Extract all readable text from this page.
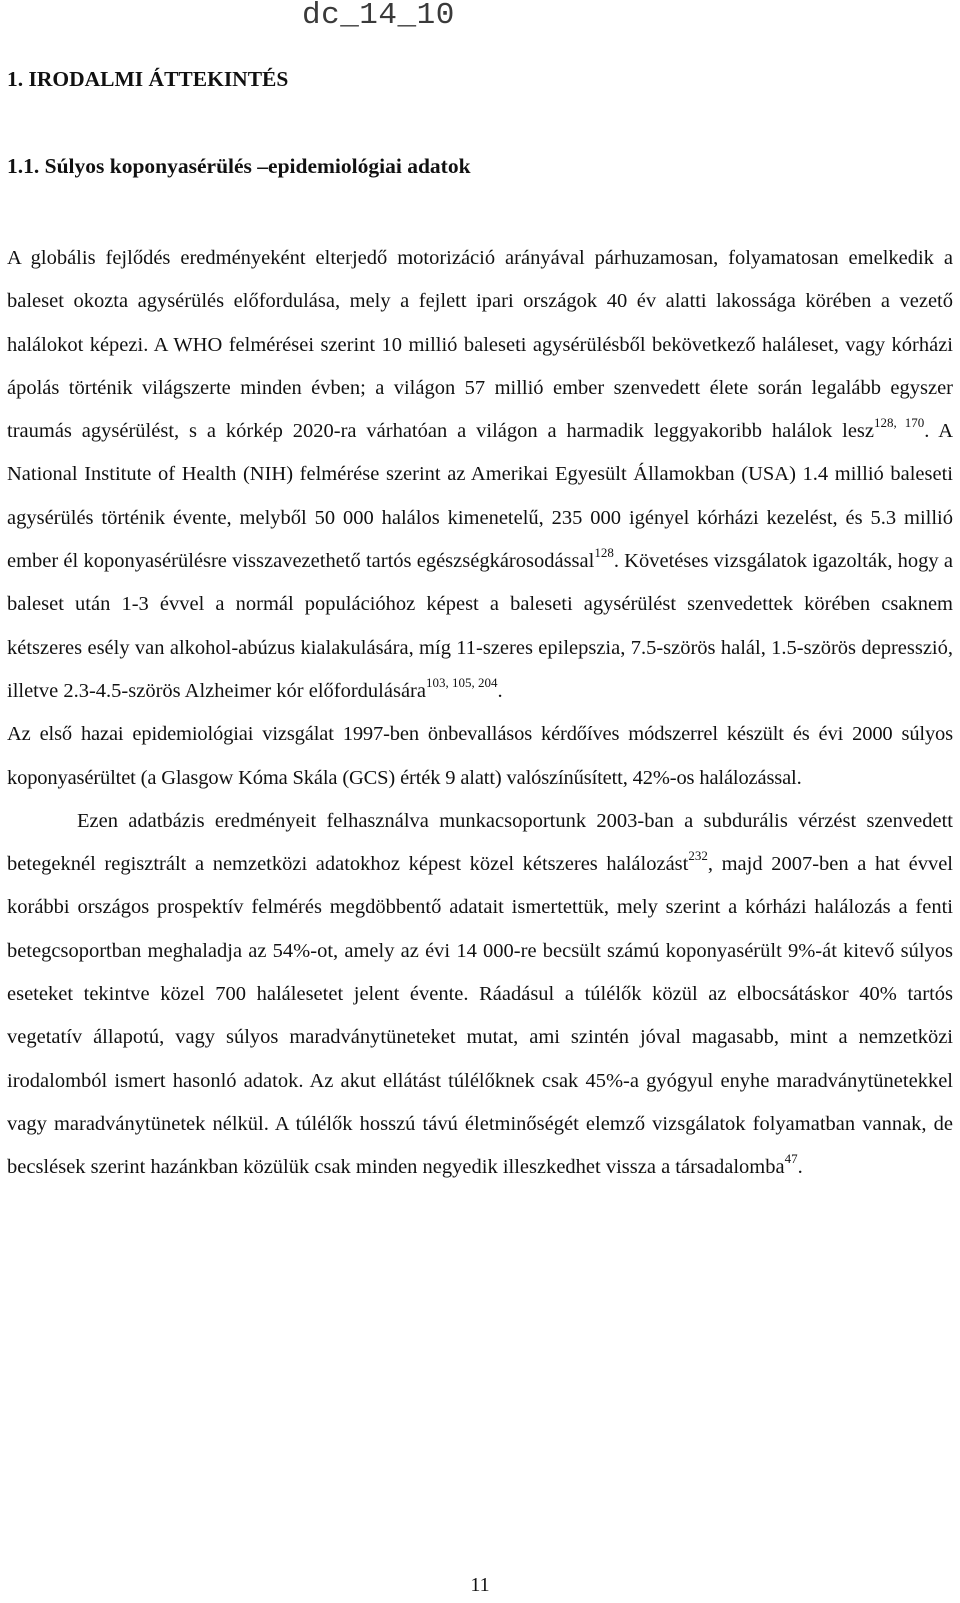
dc_14_10

1. IRODALMI ÁTTEKINTÉS
1.1. Súlyos koponyasérülés –epidemiológiai adatok

A globális fejlődés eredményeként elterjedő motorizáció arányával párhuzamosan, folyamatosan emelkedik a baleset okozta agysérülés előfordulása, mely a fejlett ipari országok 40 év alatti lakossága körében a vezető halálokot képezi. A WHO felmérései szerint 10 millió baleseti agysérülésből bekövetkező haláleset, vagy kórházi ápolás történik világszerte minden évben; a világon 57 millió ember szenvedett élete során legalább egyszer traumás agysérülést, s a kórkép 2020-ra várhatóan a világon a harmadik leggyakoribb halálok lesz$^{128, 170}$. A National Institute of Health (NIH) felmérése szerint az Amerikai Egyesült Államokban (USA) 1.4 millió baleseti agysérülés történik évente, melyből 50 000 halálos kimenetelű, 235 000 igényel kórházi kezelést, és 5.3 millió ember él koponyasérülésre visszavezethető tartós egészségkárosodással$^{128}$. Követéses vizsgálatok igazolták, hogy a baleset után 1-3 évvel a normál populációhoz képest a baleseti agysérülést szenvedettek körében csaknem kétszeres esély van alkohol-abúzus kialakulására, míg 11-szeres epilepszia, 7.5-szörös halál, 1.5-szörös depresszió, illetve 2.3-4.5-szörös Alzheimer kór előfordulására$^{103, 105, 204}$.

Az első hazai epidemiológiai vizsgálat 1997-ben önbevallásos kérdőíves módszerrel készült és évi 2000 súlyos koponyasérültet (a Glasgow Kóma Skála (GCS) érték 9 alatt) valószínűsített, 42%-os halálozással.

Ezen adatbázis eredményeit felhasználva munkacsoportunk 2003-ban a subdurális vérzést szenvedett betegeknél regisztrált a nemzetközi adatokhoz képest közel kétszeres halálozást$^{232}$, majd 2007-ben a hat évvel korábbi országos prospektív felmérés megdöbbentő adatait ismertettük, mely szerint a kórházi halálozás a fenti betegcsoportban meghaladja az 54%-ot, amely az évi 14 000-re becsült számú koponyasérült 9%-át kitevő súlyos eseteket tekintve közel 700 halálesetet jelent évente. Ráadásul a túlélők közül az elbocsátáskor 40% tartós vegetatív állapotú, vagy súlyos maradványtüneteket mutat, ami szintén jóval magasabb, mint a nemzetközi irodalomból ismert hasonló adatok. Az akut ellátást túlélőknek csak 45%-a gyógyul enyhe maradványtünetekkel vagy maradványtünetek nélkül. A túlélők hosszú távú életminőségét elemző vizsgálatok folyamatban vannak, de becslések szerint hazánkban közülük csak minden negyedik illeszkedhet vissza a társadalomba$^{47}$.

11
